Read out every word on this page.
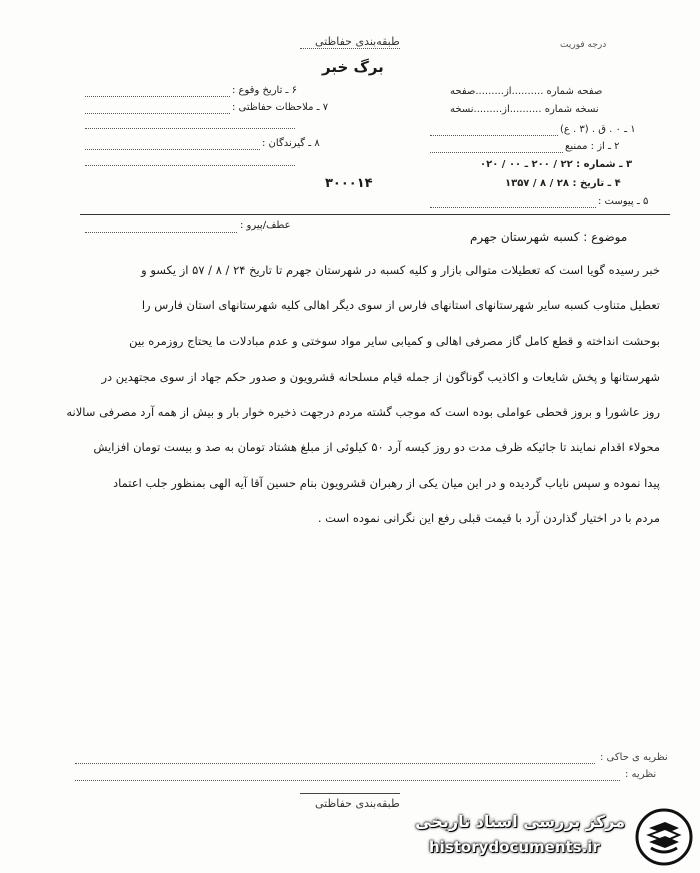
طبقه‌بندی حفاظتی	درجه فوریت
برگ خبر
صفحه شماره ..........از.........صفحه
نسخه شماره ..........از.........نسخه
۶ ـ تاریخ وقوع :
۷ ـ ملاحظات حفاظتی :
۸ ـ گیرندگان :
۳۰۰۰۱۴
۱ ـ ۰ . ق . (۳ . ع)
۲ ـ از : ممنبع
۳ ـ شماره : ۲۲ / ۲۰۰ ـ ۰۰ / ۰۲۰
۴ ـ تاریخ : ۲۸ / ۸ / ۱۳۵۷
۵ ـ پیوست :
عطف/پیرو :
موضوع : کسبه شهرستان جهرم
خبر رسیده گویا است که تعطیلات متوالی بازار و کلیه کسبه در شهرستان جهرم تا تاریخ ۲۴ / ۸ / ۵۷ از یکسو و
تعطیل متناوب کسبه سایر شهرستانهای استانهای فارس از سوی دیگر اهالی کلیه شهرستانهای استان فارس را
بوحشت انداخته و قطع کامل گاز مصرفی اهالی و کمیابی سایر مواد سوختی و عدم مبادلات ما یحتاج روزمره بین
شهرستانها و پخش شایعات و اکاذیب گوناگون از جمله قیام مسلحانه قشرویون و صدور حکم جهاد از سوی مجتهدین در
روز عاشورا و بروز قحطی عواملی بوده است که موجب گشته مردم درجهت ذخیره خوار بار و بیش از همه آرد مصرفی سالانه
محولاء اقدام نمایند تا جائیکه ظرف مدت دو روز کیسه آرد ۵۰ کیلوئی از مبلغ هشتاد تومان به صد و بیست تومان افزایش
پیدا نموده و سپس نایاب گردیده و در این میان یکی از رهبران قشرویون بنام حسین آقا آیه الهی بمنظور جلب اعتماد
مردم با در اختیار گذاردن آرد با قیمت قبلی رفع این نگرانی نموده است .
نظریه ی حاکی :
نظریه :
طبقه‌بندی حفاظتی
مرکز بررسی اسناد تاریخی
historydocuments.ir
